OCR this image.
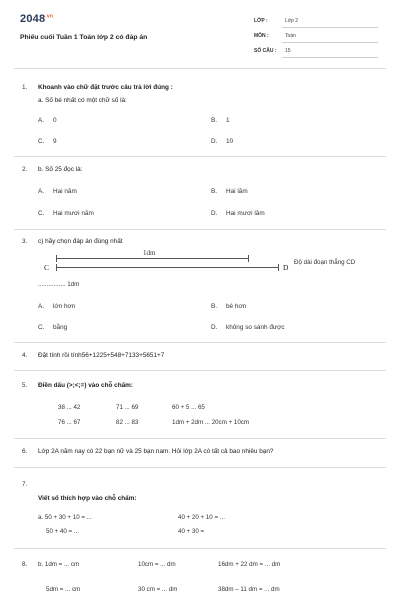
$2048^{.vn}$
Phiếu cuối Tuần 1 Toán lớp 2 có đáp án
LỚP :	Lớp 2
MÔN :	Toán
SỐ CÂU : 15
1. Khoanh vào chữ đặt trước câu trả lời đúng :
a. Số bé nhất có một chữ số là:
A. 0	B. 1
C. 9	D. 10
2. b. Số 25 đọc là:
A. Hai năm	B. Hai lăm
C. Hai mươi năm	D. Hai mươi lăm
3. c) hãy chọn đáp án đúng nhất
1dm
C	D
Độ dài đoạn thẳng CD
................ 1dm
A. lớn hơn	B. bé hơn
C. bằng	D. không so sánh được
4. Đặt tính rồi tính56+1225+548+7133+5651+7
5. Điền dấu (>;<;=) vào chỗ chấm:
38 ... 42	71 ... 69	60 + 5 ... 65
76 ... 67	82 ... 83	1dm + 2dm ... 20cm + 10cm
6. Lớp 2A năm nay có 22 bạn nữ và 25 bạn nam. Hỏi lớp 2A có tất cả bao nhiêu bạn?
7.
Viết số thích hợp vào chỗ chấm:
a. 50 + 30 + 10 = ...	40 + 20 + 10 = ...
50 + 40 = ...	40 + 30 =
8. b. 1dm = ... cm	10cm = ... dm	16dm + 22 dm = ... dm
5dm = ... cm	30 cm = ... dm	38dm – 11 dm = ... dm
